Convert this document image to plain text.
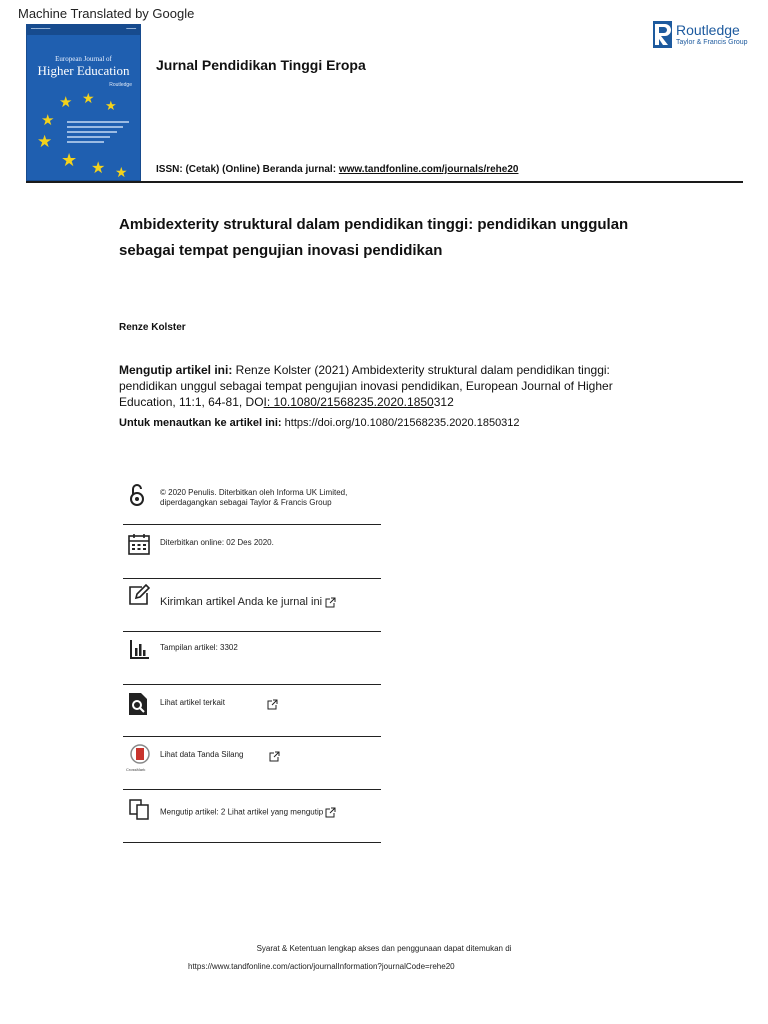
Machine Translated by Google
━━━━━━━━	━━━━
European Journal of
Higher Education
Routledge
★ ★ ★
★
★
★ ★ ★
Jurnal Pendidikan Tinggi Eropa
ISSN: (Cetak) (Online) Beranda jurnal: www.tandfonline.com/journals/rehe20
Routledge
Taylor & Francis Group
Ambidexterity struktural dalam pendidikan tinggi: pendidikan unggulan sebagai tempat pengujian inovasi pendidikan
Renze Kolster
Mengutip artikel ini: Renze Kolster (2021) Ambidexterity struktural dalam pendidikan tinggi: pendidikan unggul sebagai tempat pengujian inovasi pendidikan, European Journal of Higher Education, 11:1, 64-81, DOI: 10.1080/21568235.2020.1850312
Untuk menautkan ke artikel ini: https://doi.org/10.1080/21568235.2020.1850312
© 2020 Penulis. Diterbitkan oleh Informa UK Limited, diperdagangkan sebagai Taylor & Francis Group
Diterbitkan online: 02 Des 2020.
Kirimkan artikel Anda ke jurnal ini
Tampilan artikel: 3302
Lihat artikel terkait
CrossMark
Lihat data Tanda Silang
Mengutip artikel: 2 Lihat artikel yang mengutip
Syarat & Ketentuan lengkap akses dan penggunaan dapat ditemukan di
https://www.tandfonline.com/action/journalInformation?journalCode=rehe20
